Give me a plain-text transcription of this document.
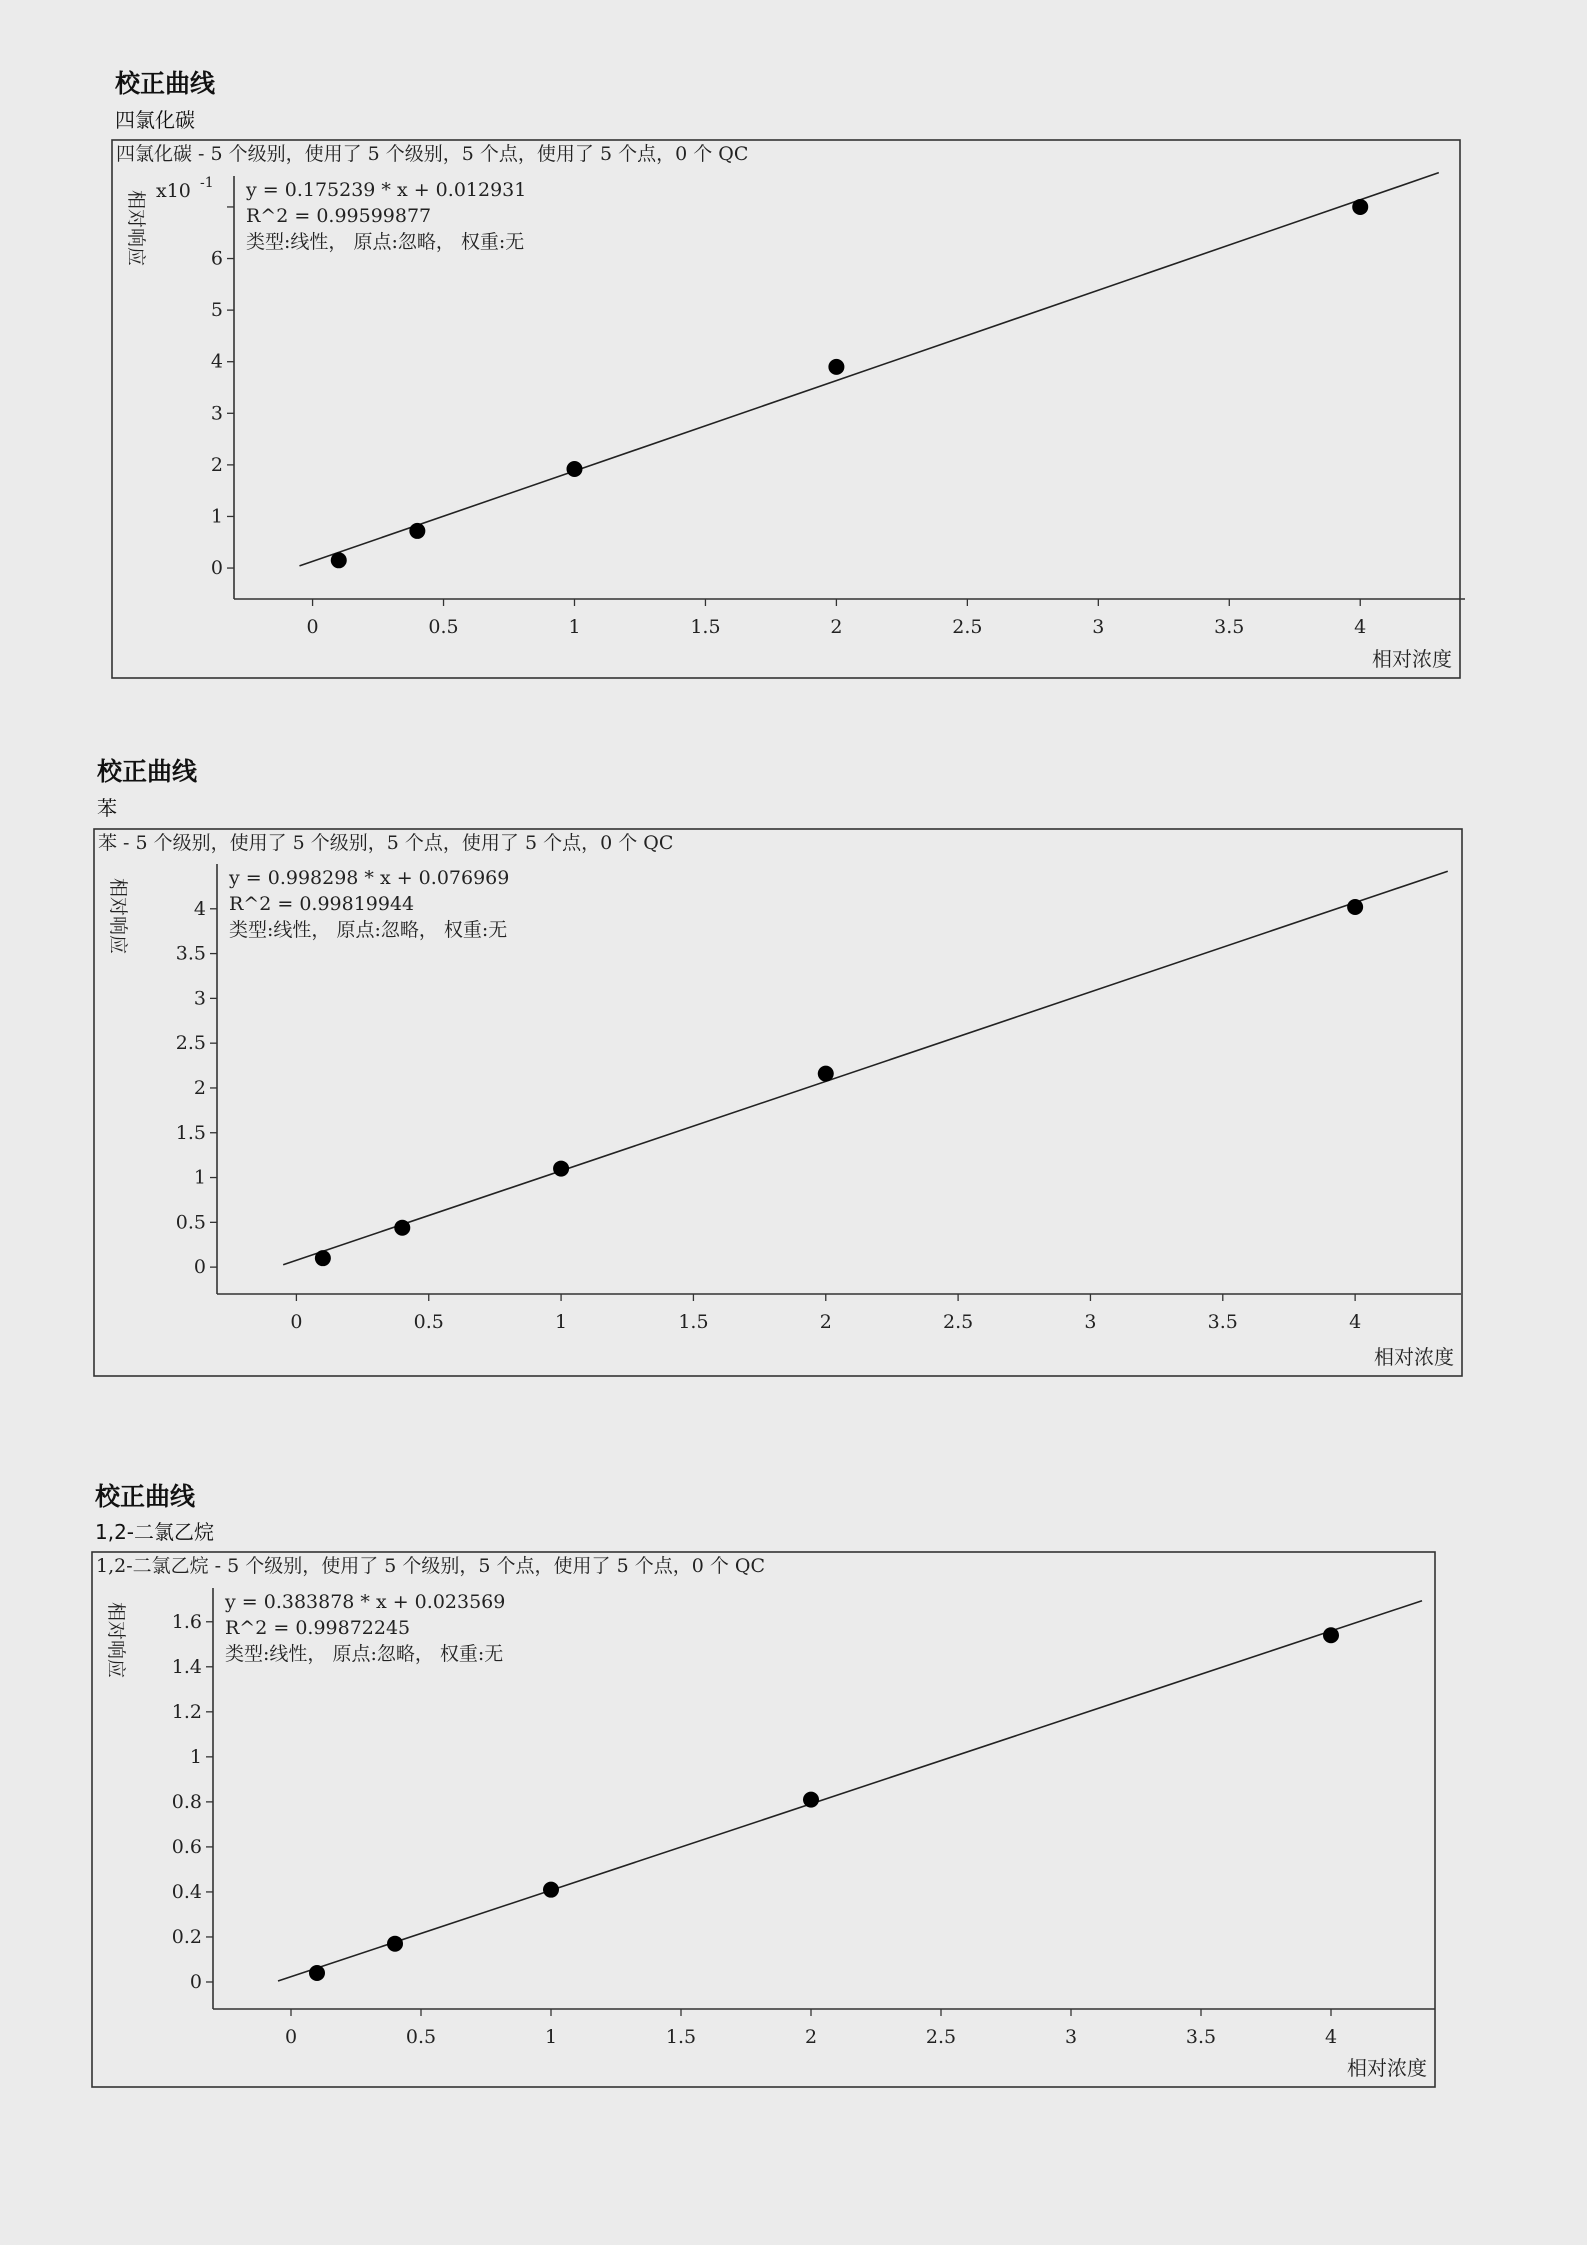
校正曲线
四氯化碳
四氯化碳 - 5 个级别，使用了 5 个级别，5 个点，使用了 5 个点，0 个 QC
0	0.5	1	1.5	2	2.5	3	3.5	4
0
1
2
3
4
5
6
x10 -1
相对响应
相对浓度
y = 0.175239 * x + 0.012931
R^2 = 0.99599877
类型:线性， 原点:忽略， 权重:无
校正曲线
苯
苯 - 5 个级别，使用了 5 个级别，5 个点，使用了 5 个点，0 个 QC
0	0.5	1	1.5	2	2.5	3	3.5	4
0
0.5
1
1.5
2
2.5
3
3.5
4
相对响应
相对浓度
y = 0.998298 * x + 0.076969
R^2 = 0.99819944
类型:线性， 原点:忽略， 权重:无
校正曲线
1,2-二氯乙烷
1,2-二氯乙烷 - 5 个级别，使用了 5 个级别，5 个点，使用了 5 个点，0 个 QC
0	0.5	1	1.5	2	2.5	3	3.5	4
0
0.2
0.4
0.6
0.8
1
1.2
1.4
1.6
相对响应
相对浓度
y = 0.383878 * x + 0.023569
R^2 = 0.99872245
类型:线性， 原点:忽略， 权重:无
